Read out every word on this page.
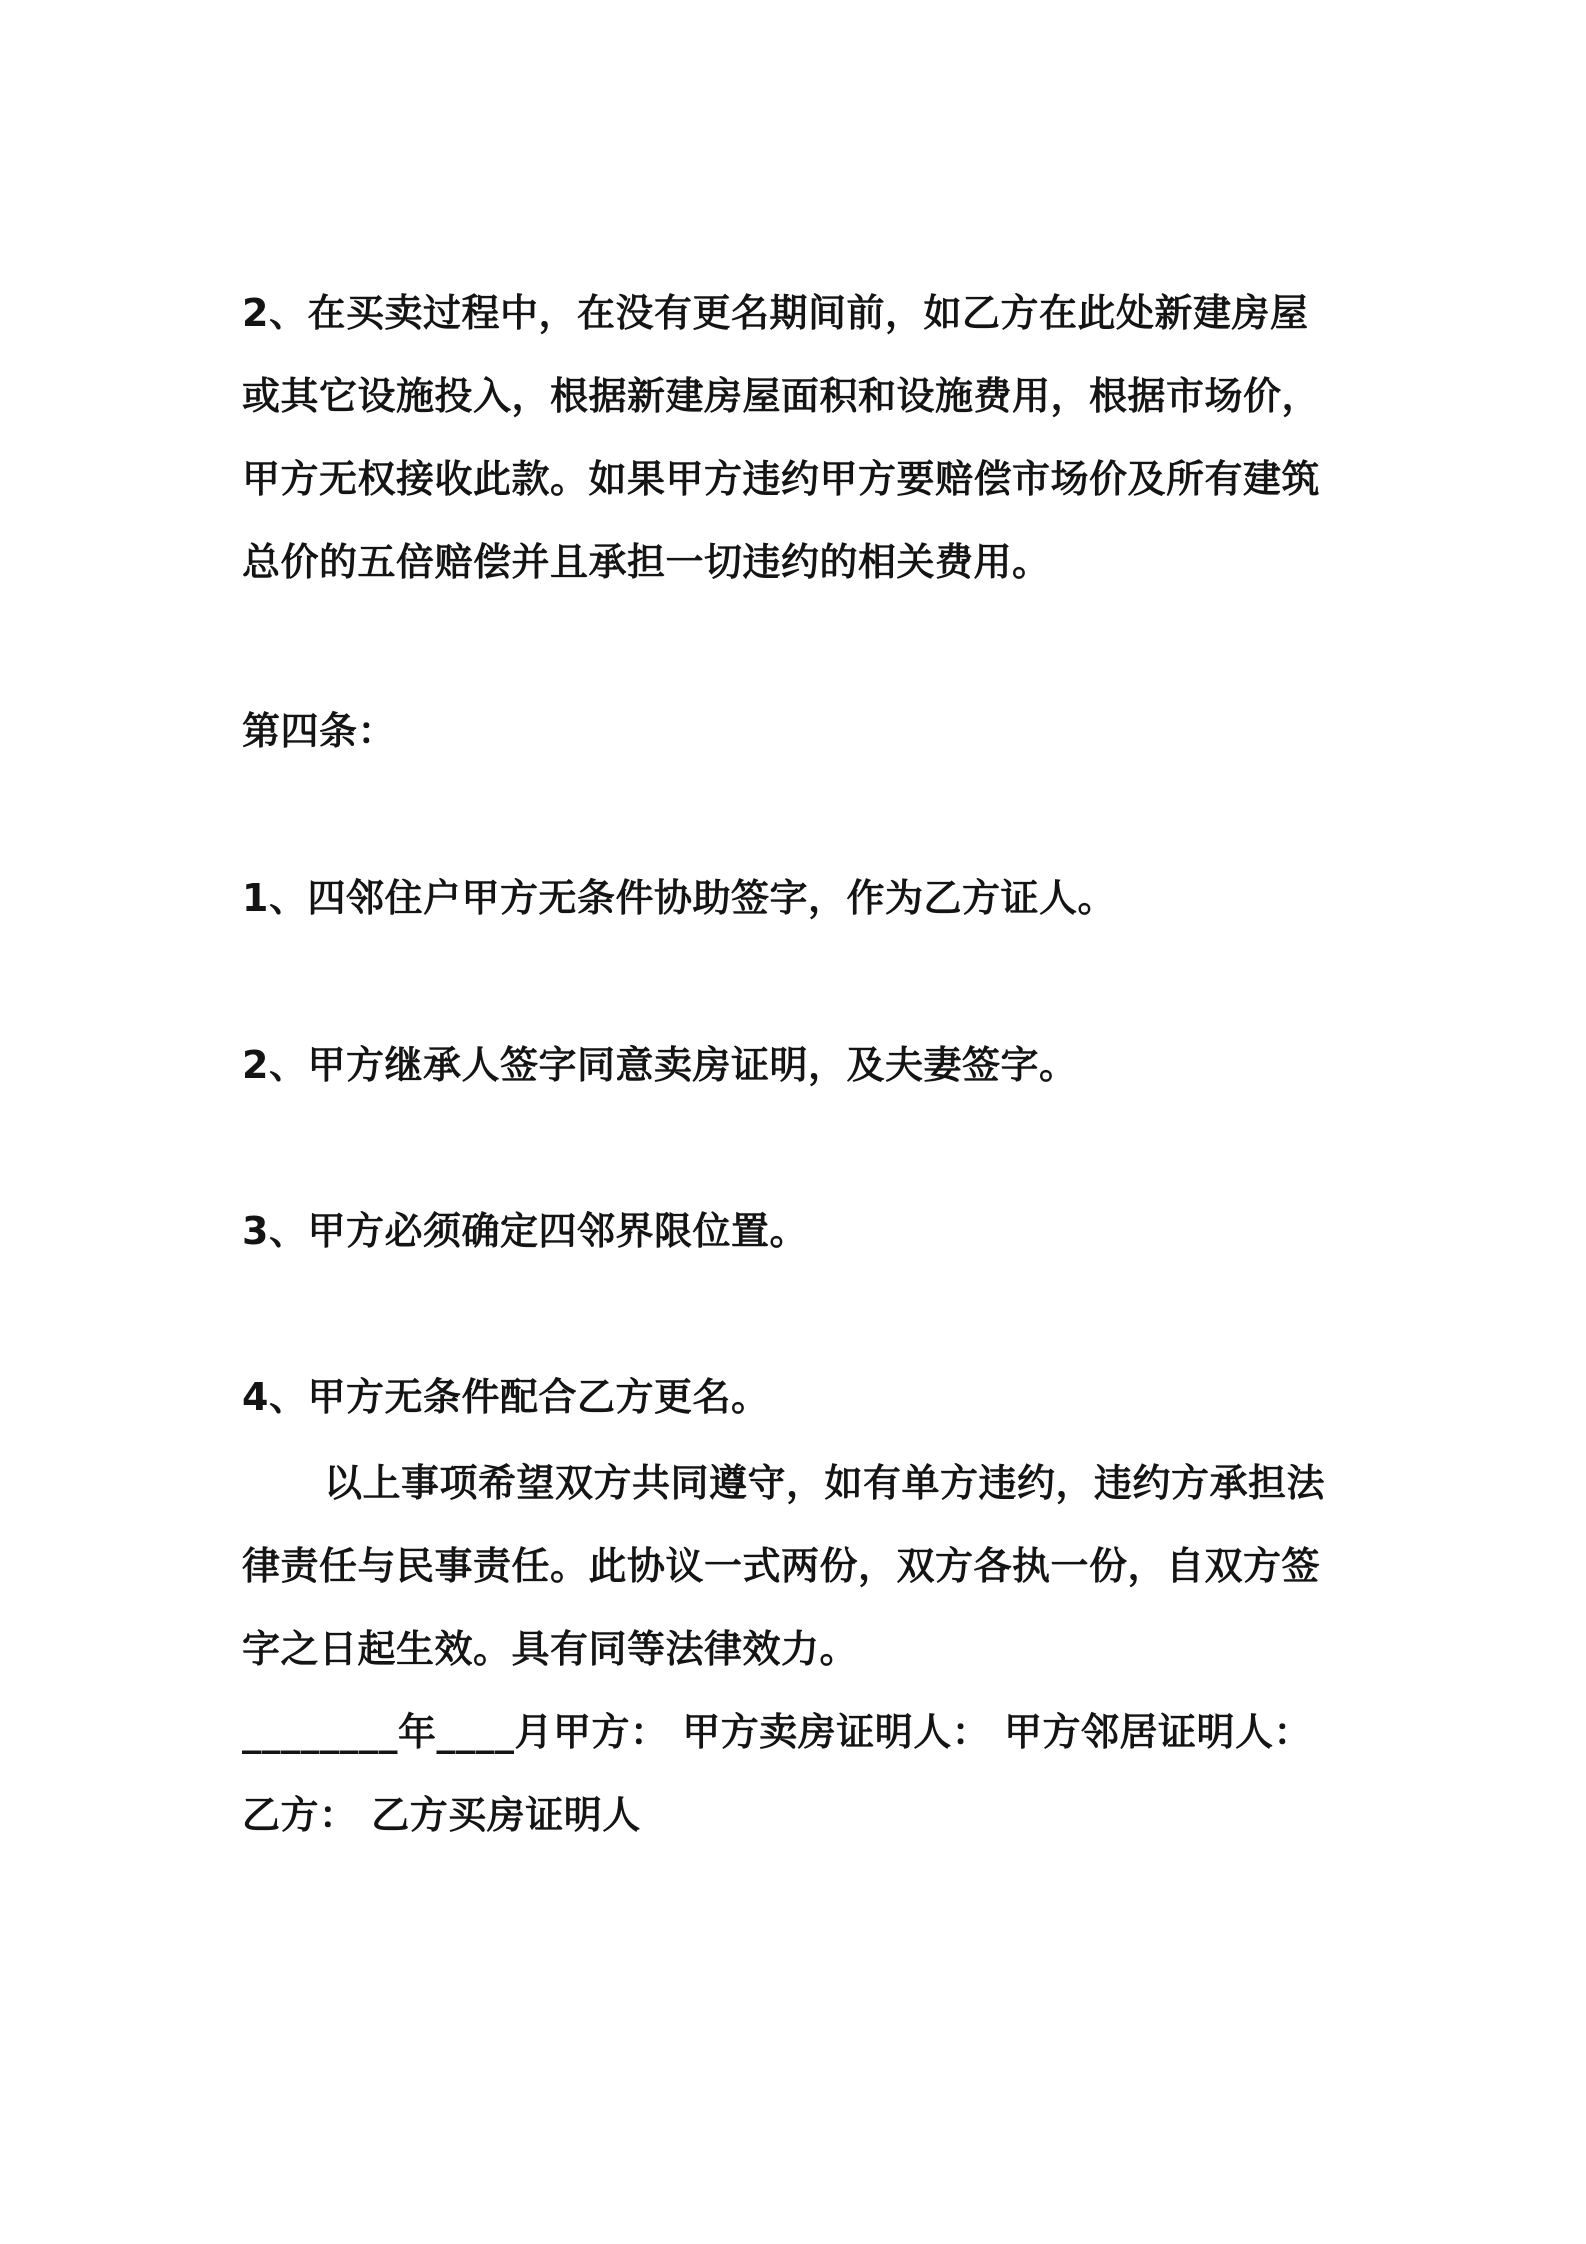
2、在买卖过程中，在没有更名期间前，如乙方在此处新建房屋
或其它设施投入，根据新建房屋面积和设施费用，根据市场价，
甲方无权接收此款。如果甲方违约甲方要赔偿市场价及所有建筑
总价的五倍赔偿并且承担一切违约的相关费用。
第四条：
1、四邻住户甲方无条件协助签字，作为乙方证人。
2、甲方继承人签字同意卖房证明，及夫妻签字。
3、甲方必须确定四邻界限位置。
4、甲方无条件配合乙方更名。
以上事项希望双方共同遵守，如有单方违约，违约方承担法
律责任与民事责任。此协议一式两份，双方各执一份，自双方签
字之日起生效。具有同等法律效力。
________年____月甲方： 甲方卖房证明人： 甲方邻居证明人：
乙方： 乙方买房证明人
